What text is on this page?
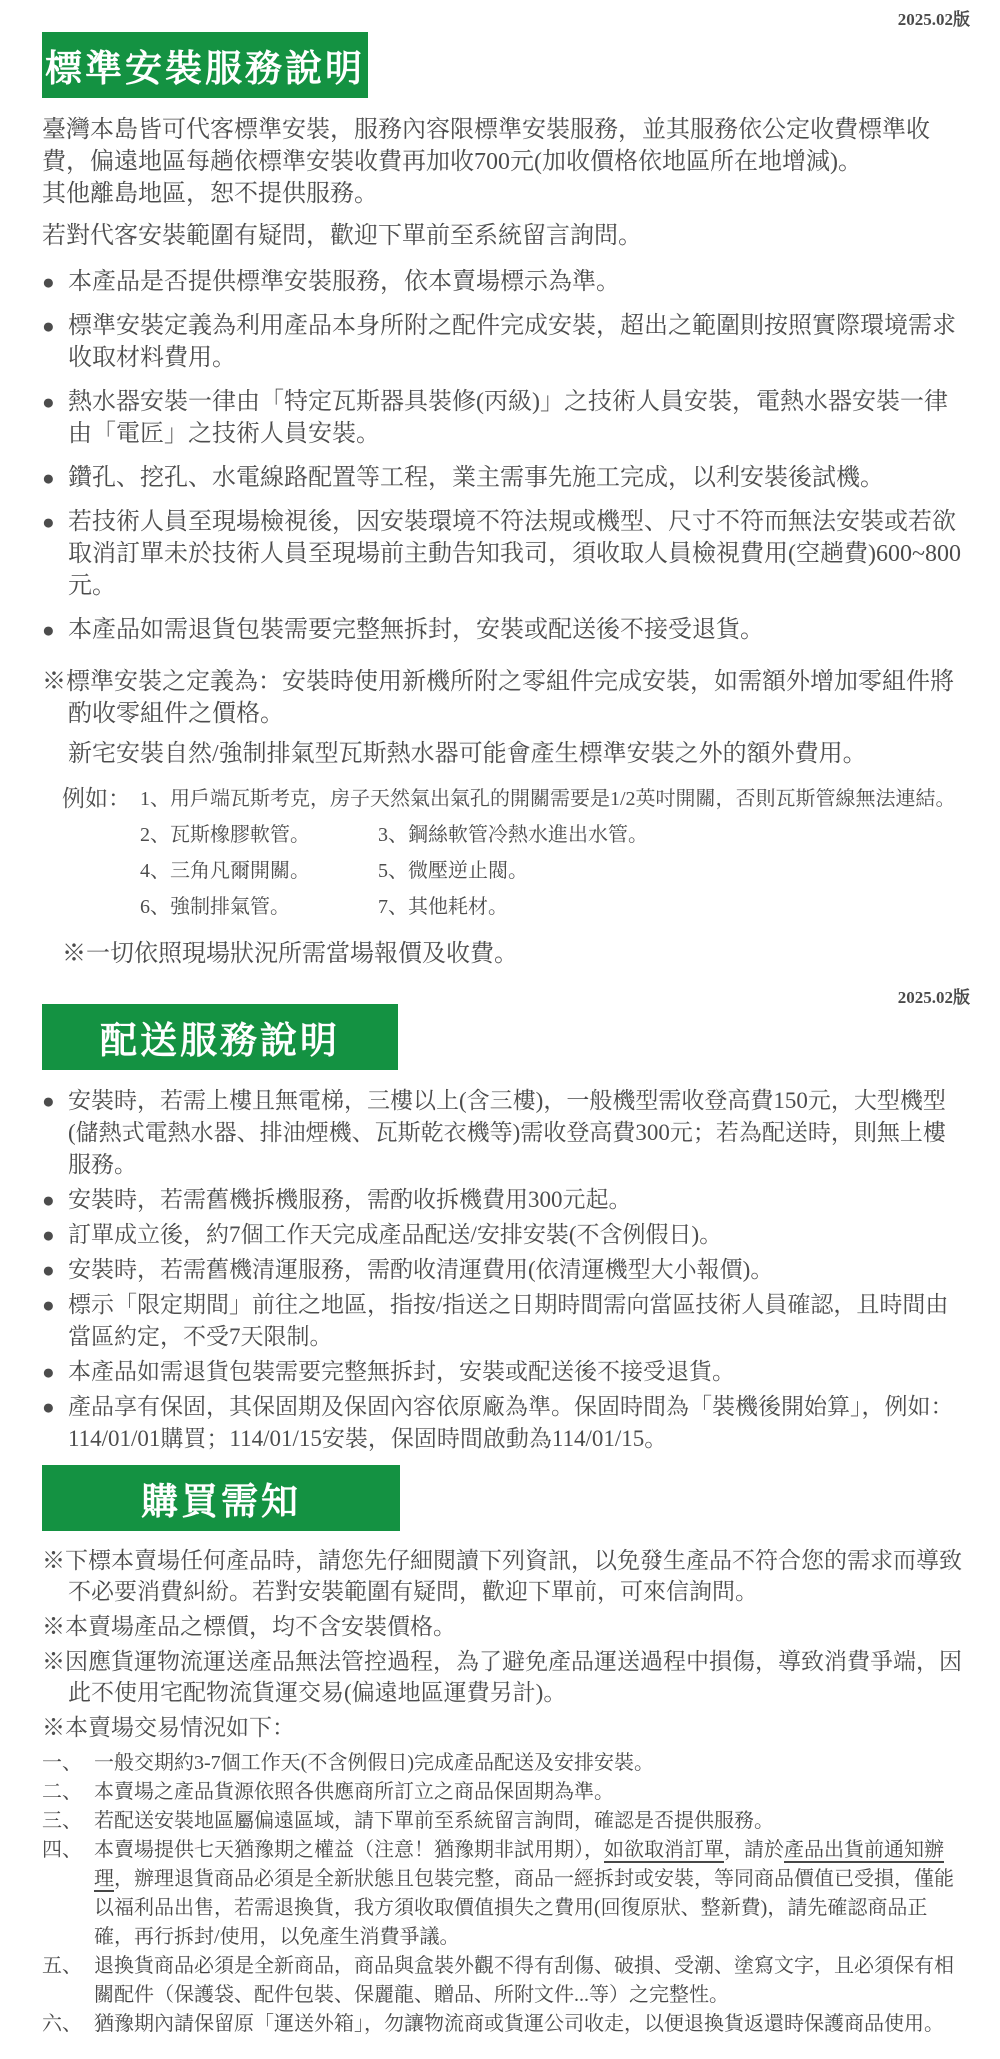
2025.02版
標準安裝服務說明

臺灣本島皆可代客標準安裝，服務內容限標準安裝服務，並其服務依公定收費標準收費，偏遠地區每趟依標準安裝收費再加收700元(加收價格依地區所在地增減)。

其他離島地區，恕不提供服務。

若對代客安裝範圍有疑問，歡迎下單前至系統留言詢問。

● 本產品是否提供標準安裝服務，依本賣場標示為準。
● 標準安裝定義為利用產品本身所附之配件完成安裝，超出之範圍則按照實際環境需求收取材料費用。
● 熱水器安裝一律由「特定瓦斯器具裝修(丙級)」之技術人員安裝，電熱水器安裝一律由「電匠」之技術人員安裝。
● 鑽孔、挖孔、水電線路配置等工程，業主需事先施工完成，以利安裝後試機。
● 若技術人員至現場檢視後，因安裝環境不符法規或機型、尺寸不符而無法安裝或若欲取消訂單未於技術人員至現場前主動告知我司，須收取人員檢視費用(空趟費)600~800元。
● 本產品如需退貨包裝需要完整無拆封，安裝或配送後不接受退貨。
※標準安裝之定義為：安裝時使用新機所附之零組件完成安裝，如需額外增加零組件將酌收零組件之價格。
新宅安裝自然/強制排氣型瓦斯熱水器可能會產生標準安裝之外的額外費用。
例如： 1、用戶端瓦斯考克，房子天然氣出氣孔的開關需要是1/2英吋開關，否則瓦斯管線無法連結。
2、瓦斯橡膠軟管。	3、鋼絲軟管冷熱水進出水管。
4、三角凡爾開關。	5、微壓逆止閥。
6、強制排氣管。	7、其他耗材。
※一切依照現場狀況所需當場報價及收費。
2025.02版
配送服務說明
● 安裝時，若需上樓且無電梯，三樓以上(含三樓)，一般機型需收登高費150元，大型機型 (儲熱式電熱水器、排油煙機、瓦斯乾衣機等)需收登高費300元；若為配送時，則無上樓服務。
● 安裝時，若需舊機拆機服務，需酌收拆機費用300元起。
● 訂單成立後，約7個工作天完成產品配送/安排安裝(不含例假日)。
● 安裝時，若需舊機清運服務，需酌收清運費用(依清運機型大小報價)。
● 標示「限定期間」前往之地區，指按/指送之日期時間需向當區技術人員確認，且時間由當區約定，不受7天限制。
● 本產品如需退貨包裝需要完整無拆封，安裝或配送後不接受退貨。
● 產品享有保固，其保固期及保固內容依原廠為準。保固時間為「裝機後開始算」，例如：114/01/01購買；114/01/15安裝，保固時間啟動為114/01/15。
購買需知
※下標本賣場任何產品時，請您先仔細閱讀下列資訊，以免發生產品不符合您的需求而導致不必要消費糾紛。若對安裝範圍有疑問，歡迎下單前，可來信詢問。
※本賣場產品之標價，均不含安裝價格。
※因應貨運物流運送產品無法管控過程，為了避免產品運送過程中損傷，導致消費爭端，因此不使用宅配物流貨運交易(偏遠地區運費另計)。
※本賣場交易情況如下：
一、 一般交期約3-7個工作天(不含例假日)完成產品配送及安排安裝。
二、 本賣場之產品貨源依照各供應商所訂立之商品保固期為準。
三、 若配送安裝地區屬偏遠區域，請下單前至系統留言詢問，確認是否提供服務。
四、 本賣場提供七天猶豫期之權益（注意！猶豫期非試用期），如欲取消訂單，請於產品出貨前通知辦理，辦理退貨商品必須是全新狀態且包裝完整，商品一經拆封或安裝，等同商品價值已受損，僅能以福利品出售，若需退換貨，我方須收取價值損失之費用(回復原狀、整新費)，請先確認商品正確，再行拆封/使用，以免產生消費爭議。
五、 退換貨商品必須是全新商品，商品與盒裝外觀不得有刮傷、破損、受潮、塗寫文字，且必須保有相關配件（保護袋、配件包裝、保麗龍、贈品、所附文件...等）之完整性。
六、 猶豫期內請保留原「運送外箱」，勿讓物流商或貨運公司收走，以便退換貨返還時保護商品使用。
